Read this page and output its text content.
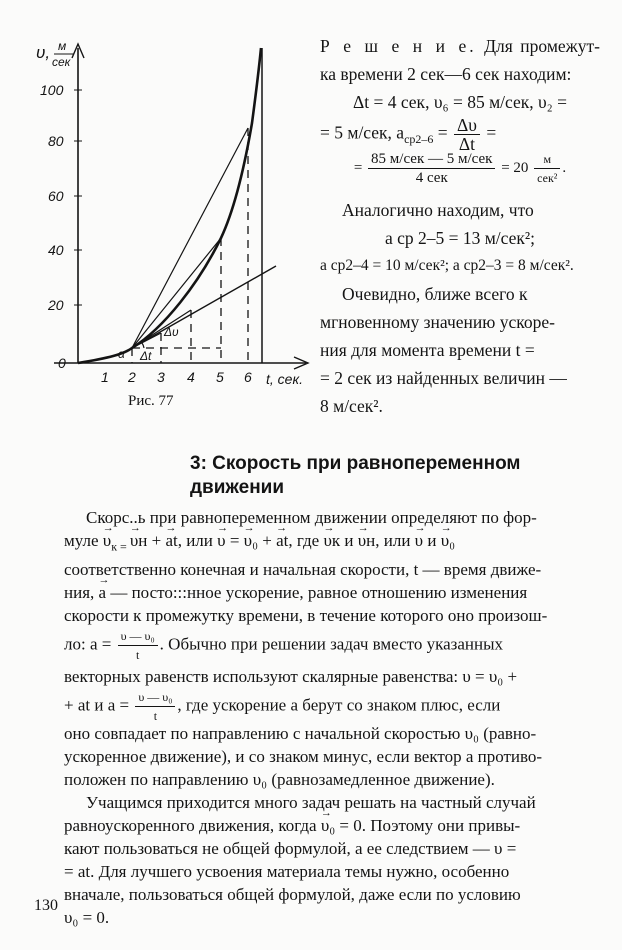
υ, м
сек
100
80
60
40
20
0
1 2 3 4 5 6 t, сек.
α Δt
Δυ
Рис. 77

Р е ш е н и е. Для промежут-

ка времени 2 сек—6 сек находим:

Δt = 4 сек, υ₆ = 85 м/сек, υ₂ =

= 5 м/сек, $a_{ср2-6} = \frac{\Delta\upsilon}{\Delta t}$ =

= $\frac{\text{85 м/сек — 5 м/сек}}{\text{4 сек}} = 20 \frac{м}{\text{сек²}}$ .

Аналогично находим, что

a ср 2–5 = 13 м/сек²;

a ср2–4 = 10 м/сек²; a ср2–3 = 8 м/сек².

Очевидно, ближе всего к

мгновенному значению ускоре-

ния для момента времени t =

= 2 сек из найденных величин —

8 м/сек².

3: Скорость при равнопеременном
движении

Скорс..ь при равнопеременном движении определяют по фор-

муле → $\upsilon_{к =} \to \upsilon н$ + → at, или → υ = → υ₀ + → at, где → υк и → υн, или → υ и → υ₀

соответственно конечная и начальная скорости, t — время движе-

ния, → a — посто:::нное ускорение, равное отношению изменения

скорости к промежутку времени, в течение которого оно произош-

ло: $a = \frac{\text{υ — υ₀}}{t}$ . Обычно при решении задач вместо указанных

векторных равенств используют скалярные равенства: υ = υ₀ +

+ at и $a = \frac{\text{υ — υ₀}}{t}$ , где ускорение a берут со знаком плюс, если

оно совпадает по направлению с начальной скоростью υ₀ (равно-

ускоренное движение), и со знаком минус, если вектор a противо-

положен по направлению υ₀ (равнозамедленное движение).

Учащимся приходится много задач решать на частный случай

равноускоренного движения, когда → υ₀ = 0. Поэтому они привы-

кают пользоваться не общей формулой, а ее следствием — υ =

= at. Для лучшего усвоения материала темы нужно, особенно

вначале, пользоваться общей формулой, даже если по условию

υ₀ = 0.

130
